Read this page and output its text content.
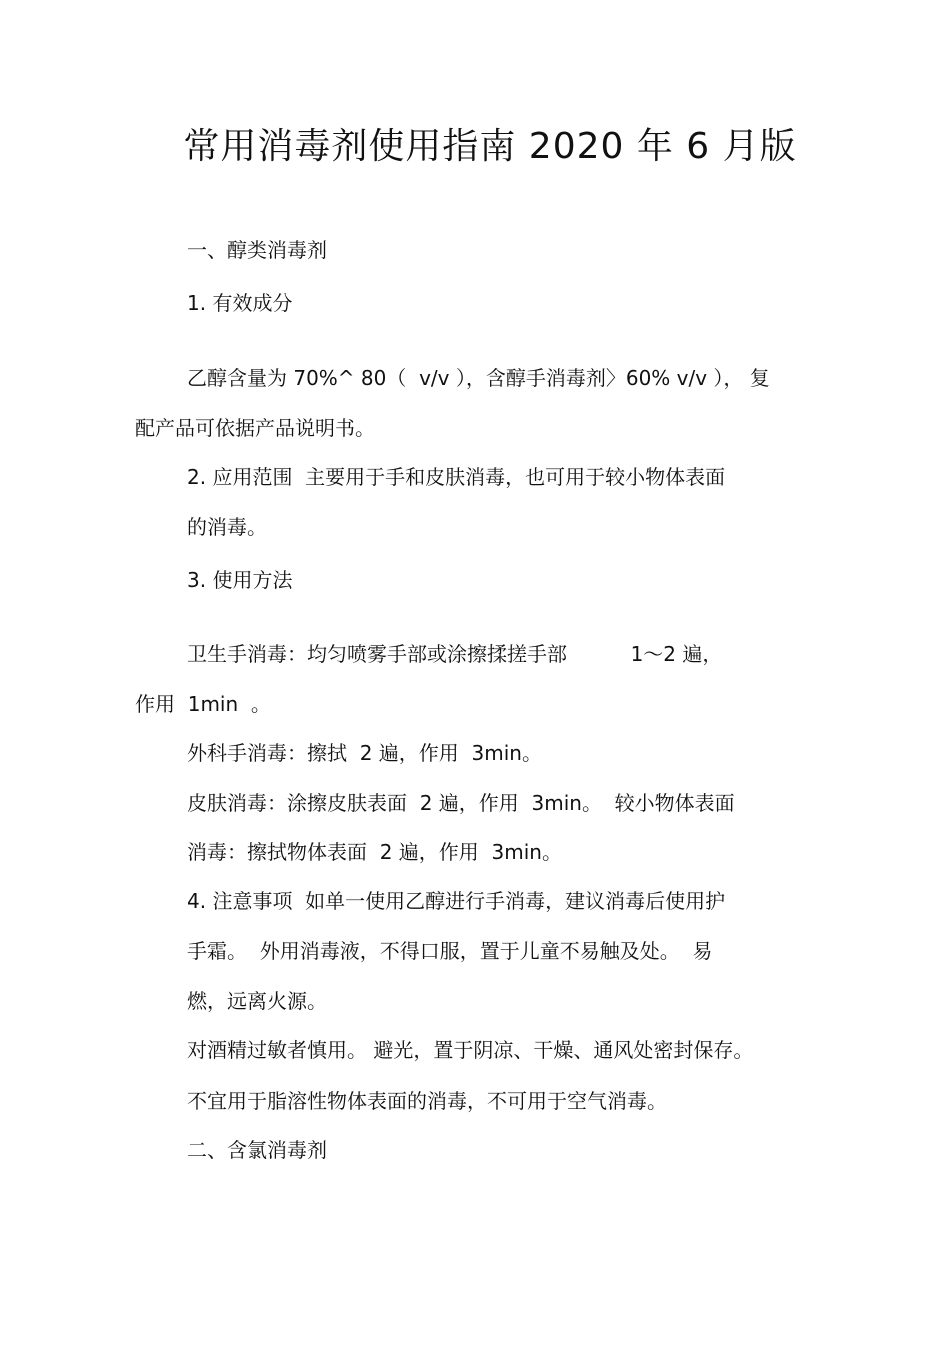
常用消毒剂使用指南 2020 年 6 月版
一、醇类消毒剂
1. 有效成分
乙醇含量为 70%^ 80（  v/v ），含醇手消毒剂〉60% v/v ）， 复
配产品可依据产品说明书。
2. 应用范围  主要用于手和皮肤消毒，也可用于较小物体表面
的消毒。
3. 使用方法
卫生手消毒：均匀喷雾手部或涂擦揉搓手部          1〜2 遍，
作用  1min  。
外科手消毒：擦拭  2 遍，作用  3min。
皮肤消毒：涂擦皮肤表面  2 遍，作用  3min。  较小物体表面
消毒：擦拭物体表面  2 遍，作用  3min。
4. 注意事项  如单一使用乙醇进行手消毒，建议消毒后使用护
手霜。  外用消毒液，不得口服，置于儿童不易触及处。  易
燃，远离火源。
对酒精过敏者慎用。 避光，置于阴凉、干燥、通风处密封保存。
不宜用于脂溶性物体表面的消毒，不可用于空气消毒。
二、含氯消毒剂
